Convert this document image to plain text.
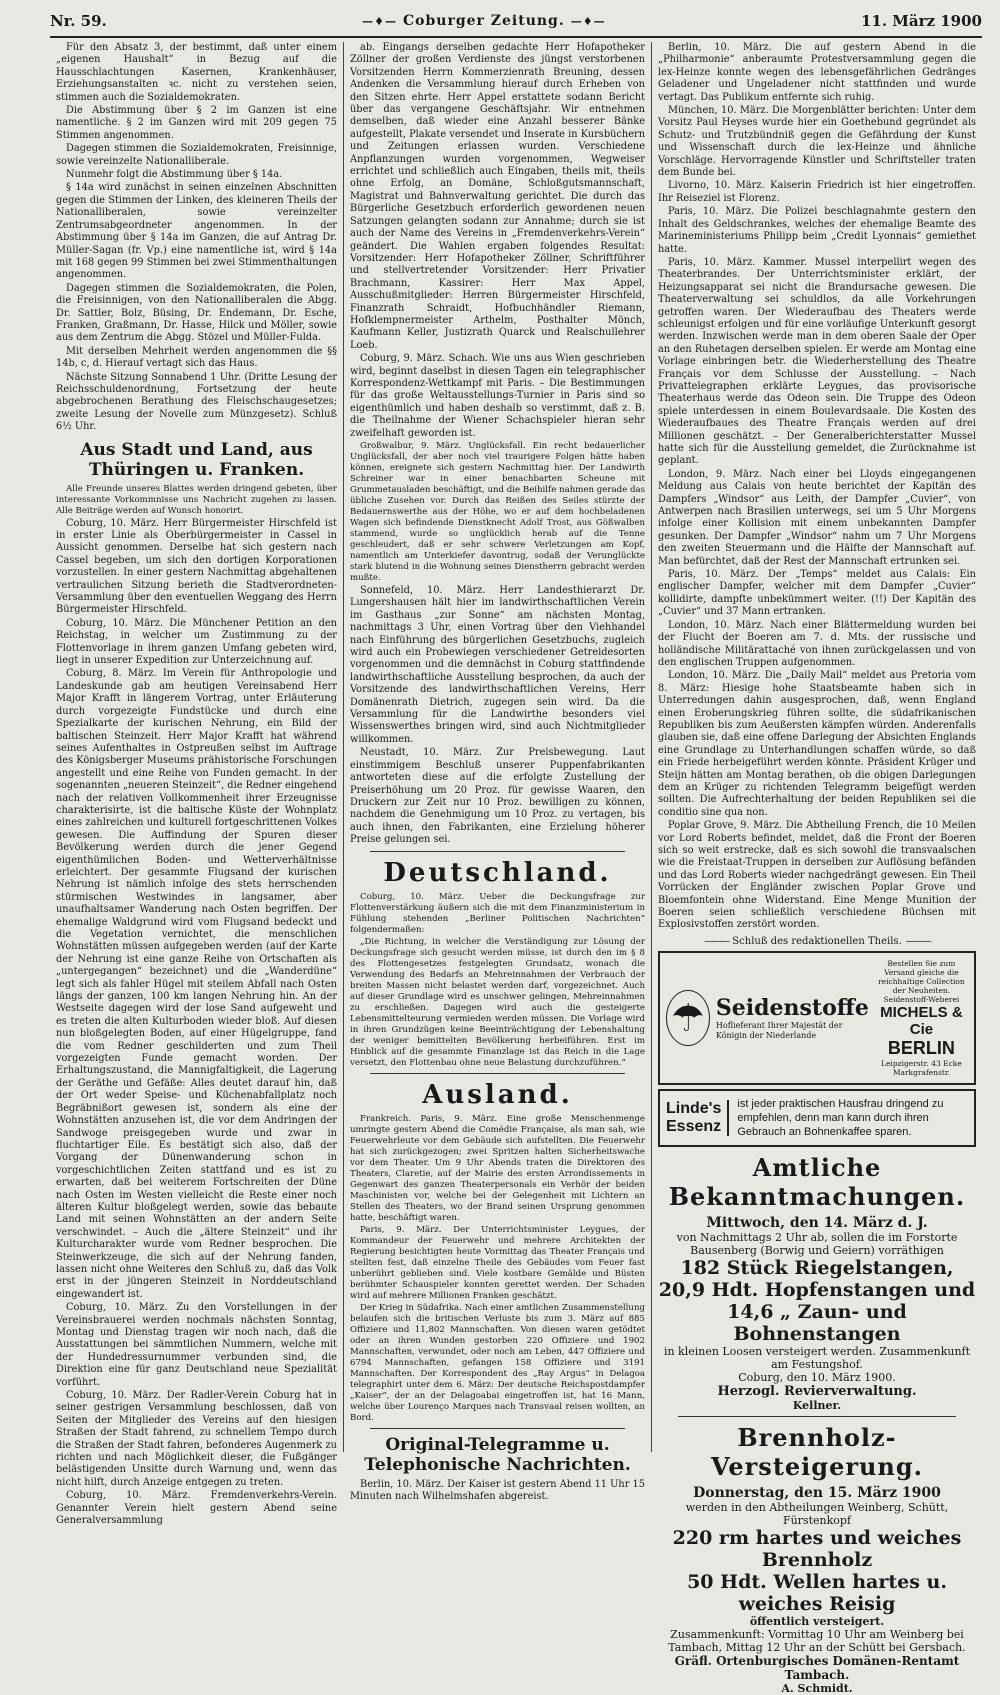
Nr. 59.
—♦—	Coburger Zeitung. —♦—	11. März 1900

Für den Absatz 3, der bestimmt, daß unter einem „eigenen Haushalt“ in Bezug auf die Hausschlachtungen Kasernen, Krankenhäuser, Erziehungsanstalten ꝛc. nicht zu verstehen seien, stimmen auch die Sozialdemokraten.

Die Abstimmung über § 2 im Ganzen ist eine namentliche. § 2 im Ganzen wird mit 209 gegen 75 Stimmen angenommen.

Dagegen stimmen die Sozialdemokraten, Freisinnige, sowie vereinzelte Nationalliberale.

Nunmehr folgt die Abstimmung über § 14a.

§ 14a wird zunächst in seinen einzelnen Abschnitten gegen die Stimmen der Linken, des kleineren Theils der Nationalliberalen, sowie vereinzelter Zentrumsabgeordneter angenommen. In der Abstimmung über § 14a im Ganzen, die auf Antrag Dr. Müller-Sagan (fr. Vp.) eine namentliche ist, wird § 14a mit 168 gegen 99 Stimmen bei zwei Stimmenthaltungen angenommen.

Dagegen stimmen die Sozialdemokraten, die Polen, die Freisinnigen, von den Nationalliberalen die Abgg. Dr. Sattler, Bolz, Büsing, Dr. Endemann, Dr. Esche, Franken, Graßmann, Dr. Hasse, Hilck und Möller, sowie aus dem Zentrum die Abgg. Stözel und Müller-Fulda.

Mit derselben Mehrheit werden angenommen die §§ 14b, c, d. Hierauf vertagt sich das Haus.

Nächste Sitzung Sonnabend 1 Uhr. (Dritte Lesung der Reichsschuldenordnung, Fortsetzung der heute abgebrochenen Berathung des Fleischschaugesetzes; zweite Lesung der Novelle zum Münzgesetz). Schluß 6½ Uhr.

Aus Stadt und Land, aus Thüringen u. Franken.

Alle Freunde unseres Blattes werden dringend gebeten, über interessante Vorkommnisse uns Nachricht zugehen zu lassen. Alle Beiträge werden auf Wunsch honorirt.

Coburg, 10. März. Herr Bürgermeister Hirschfeld ist in erster Linie als Oberbürgermeister in Cassel in Aussicht genommen. Derselbe hat sich gestern nach Cassel begeben, um sich den dortigen Korporationen vorzustellen. In einer gestern Nachmittag abgehaltenen vertraulichen Sitzung berieth die Stadtverordneten-Versammlung über den eventuellen Weggang des Herrn Bürgermeister Hirschfeld.

Coburg, 10. März. Die Münchener Petition an den Reichstag, in welcher um Zustimmung zu der Flottenvorlage in ihrem ganzen Umfang gebeten wird, liegt in unserer Expedition zur Unterzeichnung auf.

Coburg, 8. März. Im Verein für Anthropologie und Landeskunde gab am heutigen Vereinsabend Herr Major Krafft in längerem Vortrag, unter Erläuterung durch vorgezeigte Fundstücke und durch eine Spezialkarte der kurischen Nehrung, ein Bild der baltischen Steinzeit. Herr Major Krafft hat während seines Aufenthaltes in Ostpreußen selbst im Auftrage des Königsberger Museums prähistorische Forschungen angestellt und eine Reihe von Funden gemacht. In der sogenannten „neueren Steinzeit“, die Redner eingehend nach der relativen Vollkommenheit ihrer Erzeugnisse charakterisirte, ist die baltische Küste der Wohnplatz eines zahlreichen und kulturell fortgeschrittenen Volkes gewesen. Die Auffindung der Spuren dieser Bevölkerung werden durch die jener Gegend eigenthümlichen Boden- und Wetterverhältnisse erleichtert. Der gesammte Flugsand der kurischen Nehrung ist nämlich infolge des stets herrschenden stürmischen Westwindes in langsamer, aber unaufhaltsamer Wanderung nach Osten begriffen. Der ehemalige Waldgrund wird vom Flugsand bedeckt und die Vegetation vernichtet, die menschlichen Wohnstätten müssen aufgegeben werden (auf der Karte der Nehrung ist eine ganze Reihe von Ortschaften als „untergegangen“ bezeichnet) und die „Wanderdüne“ legt sich als fahler Hügel mit steilem Abfall nach Osten längs der ganzen, 100 km langen Nehrung hin. An der Westseite dagegen wird der lose Sand aufgeweht und es treten die alten Kulturboden wieder bloß. Auf diesen nun bloßgelegten Boden, auf einer Hügelgruppe, fand die vom Redner geschilderten und zum Theil vorgezeigten Funde gemacht worden. Der Erhaltungszustand, die Mannigfaltigkeit, die Lagerung der Geräthe und Gefäße: Alles deutet darauf hin, daß der Ort weder Speise- und Küchenabfallplatz noch Begräbnißort gewesen ist, sondern als eine der Wohnstätten anzusehen ist, die vor dem Andringen der Sandwoge preisgegeben wurde und zwar in fluchtartiger Eile. Es bestätigt sich also, daß der Vorgang der Dünenwanderung schon in vorgeschichtlichen Zeiten stattfand und es ist zu erwarten, daß bei weiterem Fortschreiten der Düne nach Osten im Westen vielleicht die Reste einer noch älteren Kultur bloßgelegt werden, sowie das bebaute Land mit seinen Wohnstätten an der andern Seite verschwindet. – Auch die „ältere Steinzeit“ und ihr Kulturcharakter wurde vom Redner besprochen. Die Steinwerkzeuge, die sich auf der Nehrung fanden, lassen nicht ohne Weiteres den Schluß zu, daß das Volk erst in der jüngeren Steinzeit in Norddeutschland eingewandert ist.

Coburg, 10. März. Zu den Vorstellungen in der Vereinsbrauerei werden nochmals nächsten Sonntag, Montag und Dienstag tragen wir noch nach, daß die Ausstattungen bei sämmtlichen Nummern, welche mit der Hundedressurnummer verbunden sind, die Direktion eine für ganz Deutschland neue Spezialität vorführt.

Coburg, 10. März. Der Radler-Verein Coburg hat in seiner gestrigen Versammlung beschlossen, daß von Seiten der Mitglieder des Vereins auf den hiesigen Straßen der Stadt fahrend, zu schnellem Tempo durch die Straßen der Stadt fahren, befonderes Augenmerk zu richten und nach Möglichkeit dieser, die Fußgänger belästigenden Unsitte durch Warnung und, wenn das nicht hilft, durch Anzeige entgegen zu treten.

Coburg, 10. März. Fremdenverkehrs-Verein. Genannter Verein hielt gestern Abend seine Generalversammlung

ab. Eingangs derselben gedachte Herr Hofapotheker Zöllner der großen Verdienste des jüngst verstorbenen Vorsitzenden Herrn Kommerzienrath Breuning, dessen Andenken die Versammlung hierauf durch Erheben von den Sitzen ehrte. Herr Appel erstattete sodann Bericht über das vergangene Geschäftsjahr. Wir entnehmen demselben, daß wieder eine Anzahl besserer Bänke aufgestellt, Plakate versendet und Inserate in Kursbüchern und Zeitungen erlassen wurden. Verschiedene Anpflanzungen wurden vorgenommen, Wegweiser errichtet und schließlich auch Eingaben, theils mit, theils ohne Erfolg, an Domäne, Schloßgutsmannschaft, Magistrat und Bahnverwaltung gerichtet. Die durch das Bürgerliche Gesetzbuch erforderlich gewordenen neuen Satzungen gelangten sodann zur Annahme; durch sie ist auch der Name des Vereins in „Fremdenverkehrs-Verein“ geändert. Die Wahlen ergaben folgendes Resultat: Vorsitzender: Herr Hofapotheker Zöllner, Schriftführer und stellvertretender Vorsitzender: Herr Privatier Brachmann, Kassirer: Herr Max Appel, Ausschußmitglieder: Herren Bürgermeister Hirschfeld, Finanzrath Schraidt, Hofbuchhändler Riemann, Hofklempnermeister Arthelm, Posthalter Mönch, Kaufmann Keller, Justizrath Quarck und Realschullehrer Loeb.

Coburg, 9. März. Schach. Wie uns aus Wien geschrieben wird, beginnt daselbst in diesen Tagen ein telegraphischer Korrespondenz-Wettkampf mit Paris. – Die Bestimmungen für das große Weltausstellungs-Turnier in Paris sind so eigenthümlich und haben deshalb so verstimmt, daß z. B. die Theilnahme der Wiener Schachspieler hieran sehr zweifelhaft geworden ist.

Großwalbur, 9. März. Unglücksfall. Ein recht bedauerlicher Unglücksfall, der aber noch viel traurigere Folgen hätte haben können, ereignete sich gestern Nachmittag hier. Der Landwirth Schreiner war in einer benachbarten Scheune mit Grummetausladen beschäftigt, und die Beihilfe nahmen gerade das übliche Zusehen vor. Durch das Reißen des Seiles stürzte der Bedauernswerthe aus der Höhe, wo er auf dem hochbeladenen Wagen sich befindende Dienstknecht Adolf Trost, aus Gößwalben stammend, wurde so unglücklich herab auf die Tenne geschleudert, daß er sehr schwere Verletzungen am Kopf, namentlich am Unterkiefer davontrug, sodaß der Verunglückte stark blutend in die Wohnung seines Dienstherrn gebracht werden mußte.

Sonnefeld, 10. März. Herr Landesthierarzt Dr. Lungershausen hält hier im landwirthschaftlichen Verein im Gasthaus „zur Sonne“ am nächsten Montag, nachmittags 3 Uhr, einen Vortrag über den Viehhandel nach Einführung des bürgerlichen Gesetzbuchs, zugleich wird auch ein Probewiegen verschiedener Getreidesorten vorgenommen und die demnächst in Coburg stattfindende landwirthschaftliche Ausstellung besprochen, da auch der Vorsitzende des landwirthschaftlichen Vereins, Herr Domänenrath Dietrich, zugegen sein wird. Da die Versammlung für die Landwirthe besonders viel Wissenswerthes bringen wird, sind auch Nichtmitglieder willkommen.

Neustadt, 10. März. Zur Preisbewegung. Laut einstimmigem Beschluß unserer Puppenfabrikanten antworteten diese auf die erfolgte Zustellung der Preiserhöhung um 20 Proz. für gewisse Waaren, den Druckern zur Zeit nur 10 Proz. bewilligen zu können, nachdem die Genehmigung um 10 Proz. zu vertagen, bis auch ihnen, den Fabrikanten, eine Erzielung höherer Preise gelungen sei.

Deutschland.

Coburg, 10. März. Ueber die Deckungsfrage zur Flottenverstärkung äußern sich die mit dem Finanzministerium in Fühlung stehenden „Berliner Politischen Nachrichten“ folgendermaßen:

„Die Richtung, in welcher die Verständigung zur Lösung der Deckungsfrage sich gesucht werden müsse, ist durch den im § 8 des Flottengesetzes festgelegten Grundsatz, wonach die Verwendung des Bedarfs an Mehreinnahmen der Verbrauch der breiten Massen nicht belastet werden darf, vorgezeichnet. Auch auf dieser Grundlage wird es unschwer gelingen, Mehreinnahmen zu erschließen. Dagegen wird auch die gesteigerte Lebensmittelteurung vermieden werden müssen. Die Vorlage wird in ihren Grundzügen keine Beeinträchtigung der Lebenshaltung der weniger bemittelten Bevölkerung herbeiführen. Erst im Hinblick auf die gesammte Finanzlage ist das Reich in die Lage versetzt, den Flottenbau ohne neue Belastung durchzuführen.“

Ausland.

Frankreich. Paris, 9. März. Eine große Menschenmenge umringte gestern Abend die Comédie Française, als man sah, wie Feuerwehrleute vor dem Gebäude sich aufstellten. Die Feuerwehr hat sich zurückgezogen; zwei Spritzen halten Sicherheitswache vor dem Theater. Um 9 Uhr Abends traten die Direktoren des Theaters, Claretie, auf der Mairie des ersten Arrondissements in Gegenwart des ganzen Theaterpersonals ein Verhör der beiden Maschinisten vor, welche bei der Gelegenheit mit Lichtern an Stellen des Theaters, wo der Brand seinen Ursprung genommen hatte, beschäftigt waren.

Paris, 9. März. Der Unterrichtsminister Leygues, der Kommandeur der Feuerwehr und mehrere Architekten der Regierung besichtigten heute Vormittag das Theater Français und stellten fest, daß einzelne Theile des Gebäudes vom Feuer fast unberührt geblieben sind. Viele kostbare Gemälde und Büsten berühmter Schauspieler konnten gerettet werden. Der Schaden wird auf mehrere Millionen Franken geschätzt.

Der Krieg in Südafrika. Nach einer amtlichen Zusammenstellung belaufen sich die britischen Verluste bis zum 3. März auf 885 Offiziere und 11,802 Mannschaften. Von diesen waren getödtet oder an ihren Wunden gestorben 220 Offiziere und 1902 Mannschaften, verwundet, oder noch am Leben, 447 Offiziere und 6794 Mannschaften, gefangen 158 Offiziere und 3191 Mannschaften. Der Korrespondent des „Ray Argus“ in Delagoa telegraphirt unter dem 6. März: Der deutsche Reichspostdampfer „Kaiser“, der an der Delagoabai eingetroffen ist, hat 16 Mann, welche über Lourenço Marques nach Transvaal reisen wollten, an Bord.

Original-Telegramme u. Telephonische Nachrichten.

Berlin, 10. März. Der Kaiser ist gestern Abend 11 Uhr 15 Minuten nach Wilhelmshafen abgereist.

Berlin, 10. März. Die auf gestern Abend in die „Philharmonie“ anberaumte Protestversammlung gegen die lex-Heinze konnte wegen des lebensgefährlichen Gedränges Geladener und Ungeladener nicht stattfinden und wurde vertagt. Das Publikum entfernte sich ruhig.

München, 10. März. Die Morgenblätter berichten: Unter dem Vorsitz Paul Heyses wurde hier ein Goethebund gegründet als Schutz- und Trutzbündniß gegen die Gefährdung der Kunst und Wissenschaft durch die lex-Heinze und ähnliche Vorschläge. Hervorragende Künstler und Schriftsteller traten dem Bunde bei.

Livorno, 10. März. Kaiserin Friedrich ist hier eingetroffen. Ihr Reiseziel ist Florenz.

Paris, 10. März. Die Polizei beschlagnahmte gestern den Inhalt des Geldschrankes, welches der ehemalige Beamte des Marineministeriums Philipp beim „Credit Lyonnais“ gemiethet hatte.

Paris, 10. März. Kammer. Mussel interpellirt wegen des Theaterbrandes. Der Unterrichtsminister erklärt, der Heizungsapparat sei nicht die Brandursache gewesen. Die Theaterverwaltung sei schuldlos, da alle Vorkehrungen getroffen waren. Der Wiederaufbau des Theaters werde schleunigst erfolgen und für eine vorläufige Unterkunft gesorgt werden. Inzwischen werde man in dem oberen Saale der Oper an den Ruhetagen derselben spielen. Er werde am Montag eine Vorlage einbringen betr. die Wiederherstellung des Theatre Français vor dem Schlusse der Ausstellung. – Nach Privattelegraphen erklärte Leygues, das provisorische Theaterhaus werde das Odeon sein. Die Truppe des Odeon spiele unterdessen in einem Boulevardsaale. Die Kosten des Wiederaufbaues des Theatre Français werden auf drei Millionen geschätzt. – Der Generalberichterstatter Mussel hatte sich für die Ausstellung gemeldet, die Zurücknahme ist geplant.

London, 9. März. Nach einer bei Lloyds eingegangenen Meldung aus Calais von heute berichtet der Kapitän des Dampfers „Windsor“ aus Leith, der Dampfer „Cuvier“, von Antwerpen nach Brasilien unterwegs, sei um 5 Uhr Morgens infolge einer Kollision mit einem unbekannten Dampfer gesunken. Der Dampfer „Windsor“ nahm um 7 Uhr Morgens den zweiten Steuermann und die Hälfte der Mannschaft auf. Man befürchtet, daß der Rest der Mannschaft ertrunken sei.

Paris, 10. März. Der „Temps“ meldet aus Calais: Ein englischer Dampfer, welcher mit dem Dampfer „Cuvier“ kollidirte, dampfte unbekümmert weiter. (!!) Der Kapitän des „Cuvier“ und 37 Mann ertranken.

London, 10. März. Nach einer Blättermeldung wurden bei der Flucht der Boeren am 7. d. Mts. der russische und holländische Militärattaché von ihnen zurückgelassen und von den englischen Truppen aufgenommen.

London, 10. März. Die „Daily Mail“ meldet aus Pretoria vom 8. März: Hiesige hohe Staatsbeamte haben sich in Unterredungen dahin ausgesprochen, daß, wenn England einen Eroberungskrieg führen sollte, die südafrikanischen Republiken bis zum Aeußersten kämpfen würden. Anderenfalls glauben sie, daß eine offene Darlegung der Absichten Englands eine Grundlage zu Unterhandlungen schaffen würde, so daß ein Friede herbeigeführt werden könnte. Präsident Krüger und Steijn hätten am Montag berathen, ob die obigen Darlegungen dem an Krüger zu richtenden Telegramm beigefügt werden sollten. Die Aufrechterhaltung der beiden Republiken sei die conditio sine qua non.

Poplar Grove, 9. März. Die Abtheilung French, die 10 Meilen vor Lord Roberts befindet, meldet, daß die Front der Boeren sich so weit erstrecke, daß es sich sowohl die transvaalschen wie die Freistaat-Truppen in derselben zur Auflösung befänden und das Lord Roberts wieder nachgedrängt gewesen. Ein Theil Vorrücken der Engländer zwischen Poplar Grove und Bloemfontein ohne Widerstand. Eine Menge Munition der Boeren seien schließlich verschiedene Büchsen mit Explosivstoffen zerstört worden.

——— Schluß des redaktionellen Theils. ———
☂ Seidenstoffe
Hoflieferant Ihrer Majestät der Königin der Niederlande
Bestellen Sie zum Versand gleiche die reichhaltige Collection der Neuheiten. Seidenstoff-Weberei
MICHELS & Cie
BERLIN
Leipzigerstr. 43 Ecke Markgrafenstr.
Linde's Essenz
ist jeder praktischen Hausfrau dringend zu empfehlen, denn man kann durch ihren Gebrauch an Bohnenkaffee sparen.
Amtliche Bekanntmachungen.
Mittwoch, den 14. März d. J.
von Nachmittags 2 Uhr ab, sollen die im Forstorte Bausenberg (Borwig und Geiern) vorräthigen
182 Stück Riegelstangen,
20,9 Hdt. Hopfenstangen und
14,6 „ Zaun- und Bohnenstangen
in kleinen Loosen versteigert werden. Zusammenkunft am Festungshof.
Coburg, den 10. März 1900.
Herzogl. Revierverwaltung.
Kellner.
Brennholz-Versteigerung.
Donnerstag, den 15. März 1900
werden in den Abtheilungen Weinberg, Schütt, Fürstenkopf
220 rm hartes und weiches Brennholz
50 Hdt. Wellen hartes u. weiches Reisig
öffentlich versteigert.
Zusammenkunft: Vormittag 10 Uhr am Weinberg bei Tambach, Mittag 12 Uhr an der Schütt bei Gersbach.
Gräfl. Ortenburgisches Domänen-Rentamt Tambach.
A. Schmidt.
